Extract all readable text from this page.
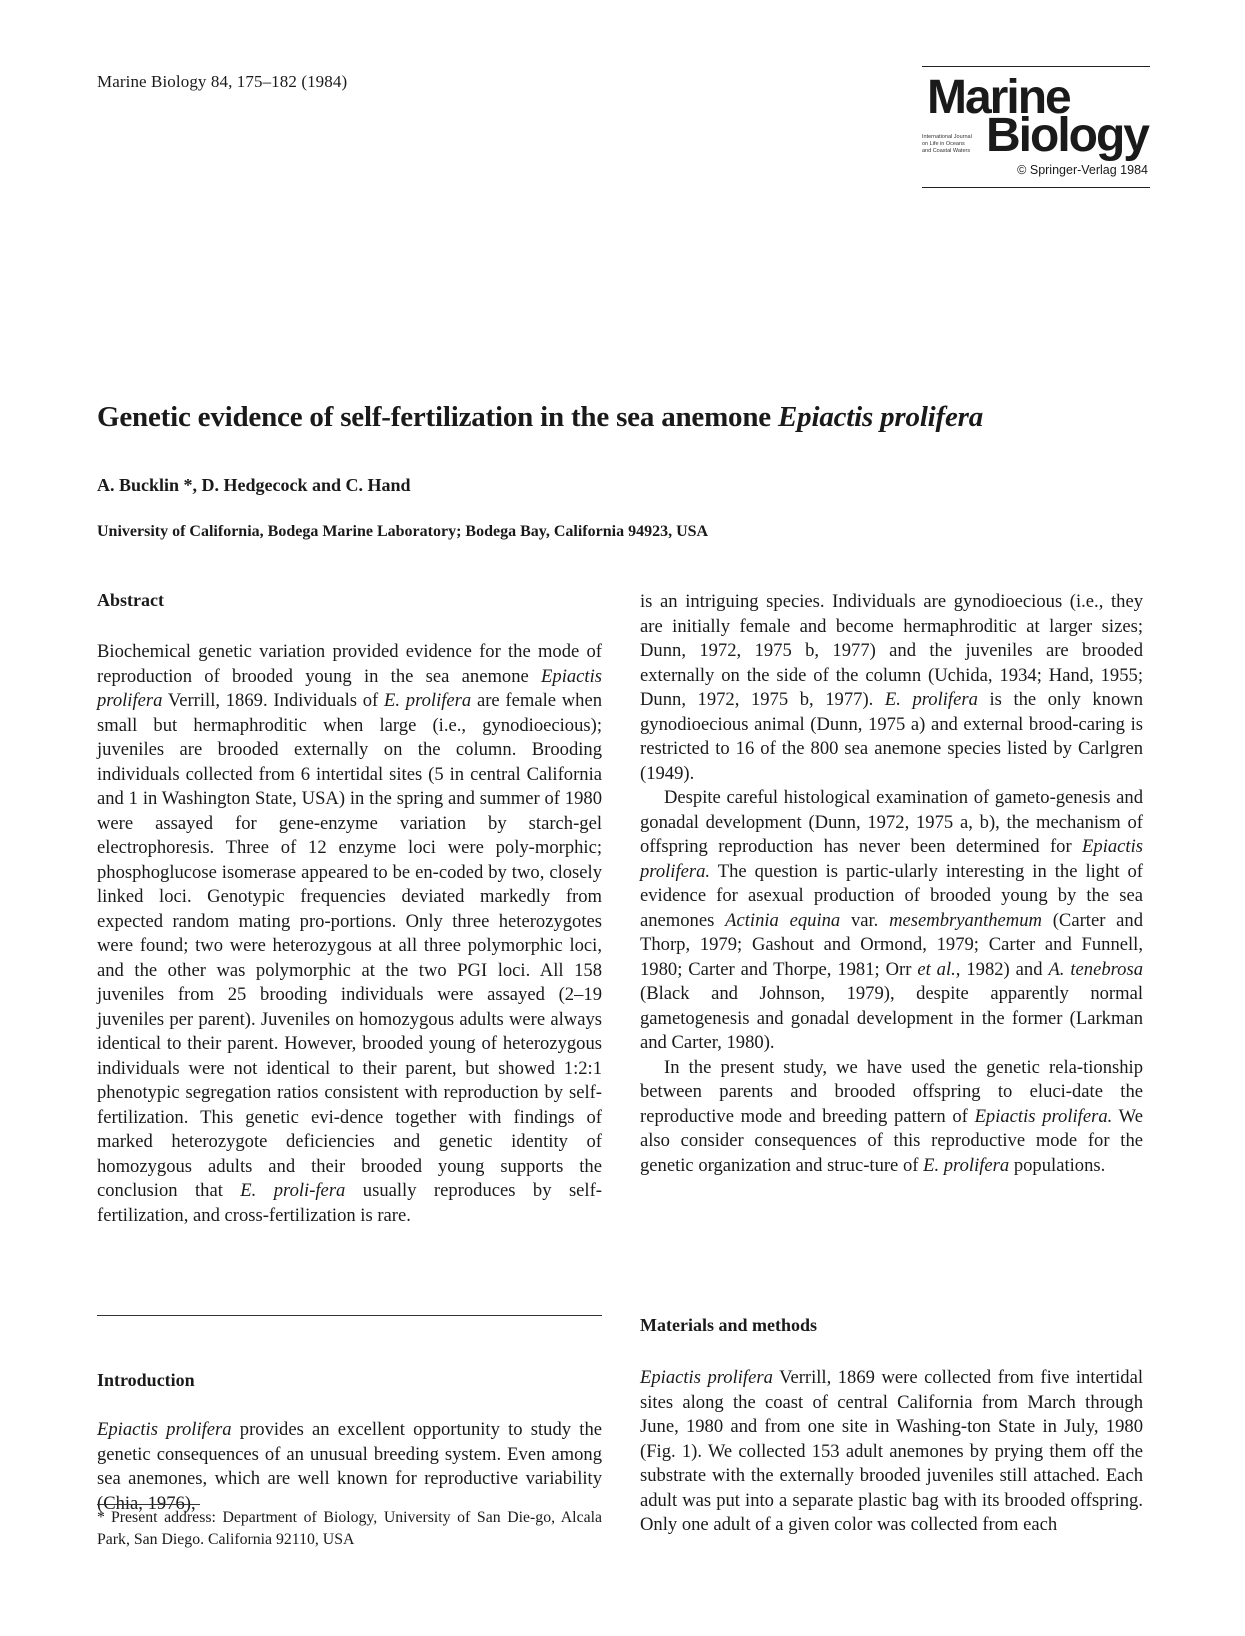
Marine Biology 84, 175–182 (1984)	Marine
Biology
International Journal
on Life in Oceans
and Coastal Waters
© Springer-Verlag 1984
Genetic evidence of self-fertilization in the sea anemone Epiactis prolifera
A. Bucklin *, D. Hedgecock and C. Hand
University of California, Bodega Marine Laboratory; Bodega Bay, California 94923, USA
Abstract

Biochemical genetic variation provided evidence for the mode of reproduction of brooded young in the sea anemone Epiactis prolifera Verrill, 1869. Individuals of E. prolifera are female when small but hermaphroditic when large (i.e., gynodioecious); juveniles are brooded externally on the column. Brooding individuals collected from 6 intertidal sites (5 in central California and 1 in Washington State, USA) in the spring and summer of 1980 were assayed for gene-enzyme variation by starch-gel electrophoresis. Three of 12 enzyme loci were poly-morphic; phosphoglucose isomerase appeared to be en-coded by two, closely linked loci. Genotypic frequencies deviated markedly from expected random mating pro-portions. Only three heterozygotes were found; two were heterozygous at all three polymorphic loci, and the other was polymorphic at the two PGI loci. All 158 juveniles from 25 brooding individuals were assayed (2–19 juveniles per parent). Juveniles on homozygous adults were always identical to their parent. However, brooded young of heterozygous individuals were not identical to their parent, but showed 1:2:1 phenotypic segregation ratios consistent with reproduction by self-fertilization. This genetic evi-dence together with findings of marked heterozygote deficiencies and genetic identity of homozygous adults and their brooded young supports the conclusion that E. proli-fera usually reproduces by self-fertilization, and cross-fertilization is rare.

Introduction

Epiactis prolifera provides an excellent opportunity to study the genetic consequences of an unusual breeding system. Even among sea anemones, which are well known for reproductive variability (Chia, 1976),

* Present address: Department of Biology, University of San Die-go, Alcala Park, San Diego. California 92110, USA

is an intriguing species. Individuals are gynodioecious (i.e., they are initially female and become hermaphroditic at larger sizes; Dunn, 1972, 1975 b, 1977) and the juveniles are brooded externally on the side of the column (Uchida, 1934; Hand, 1955; Dunn, 1972, 1975 b, 1977). E. prolifera is the only known gynodioecious animal (Dunn, 1975 a) and external brood-caring is restricted to 16 of the 800 sea anemone species listed by Carlgren (1949).

Despite careful histological examination of gameto-genesis and gonadal development (Dunn, 1972, 1975 a, b), the mechanism of offspring reproduction has never been determined for Epiactis prolifera. The question is partic-ularly interesting in the light of evidence for asexual production of brooded young by the sea anemones Actinia equina var. mesembryanthemum (Carter and Thorp, 1979; Gashout and Ormond, 1979; Carter and Funnell, 1980; Carter and Thorpe, 1981; Orr et al., 1982) and A. tenebrosa (Black and Johnson, 1979), despite apparently normal gametogenesis and gonadal development in the former (Larkman and Carter, 1980).

In the present study, we have used the genetic rela-tionship between parents and brooded offspring to eluci-date the reproductive mode and breeding pattern of Epiactis prolifera. We also consider consequences of this reproductive mode for the genetic organization and struc-ture of E. prolifera populations.

Materials and methods

Epiactis prolifera Verrill, 1869 were collected from five intertidal sites along the coast of central California from March through June, 1980 and from one site in Washing-ton State in July, 1980 (Fig. 1). We collected 153 adult anemones by prying them off the substrate with the externally brooded juveniles still attached. Each adult was put into a separate plastic bag with its brooded offspring. Only one adult of a given color was collected from each
